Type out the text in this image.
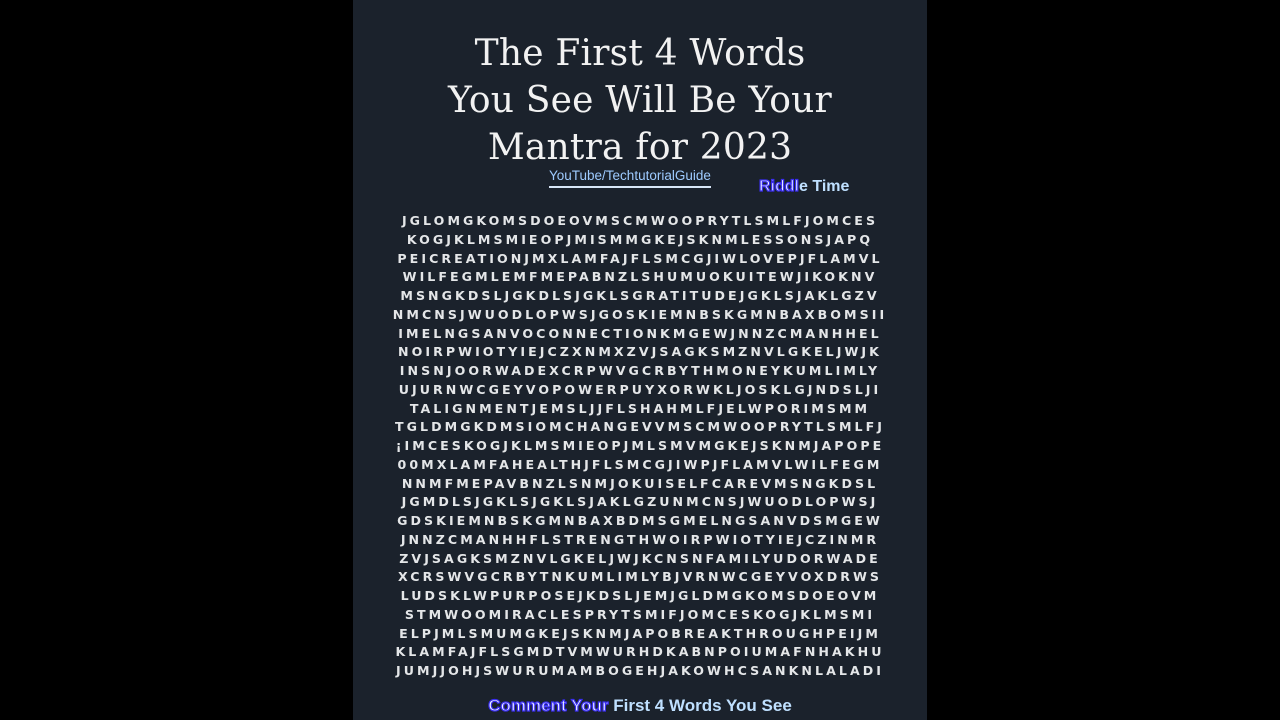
The First 4 Words
You See Will Be Your
Mantra for 2023
YouTube/TechtutorialGuide
Riddle Time
JGLOMGKOMSDOEOVMSCMWOOPRYTLSMLFJOMCES
KOGJKLMSMIEOPJMISMMGKEJSKNMLESSONSJAPQ
PEICREATIONJMXLAMFAJFLSMCGJIWLOVEPJFLAMVL
WILFEGMLEMFMEPABNZLSHUMUOKUITEWJIKOKNV
MSNGKDSLJGKDLSJGKLSGRATITUDEJGKLSJAKLGZV
NMCNSJWUODLOPWSJGOSKIEMNBSKGMNBAXBOMSII
IMELNGSANVOCONNECTIONKMGEWJNNZCMANHHEL
NOIRPWIOTYIEJCZXNMXZVJSAGKSMZNVLGKELJWJK
INSNJOORWADEXCRPWVGCRBYTHMONEYKUMLIMLY
UJURNWCGEYVOPOWERPUYXORWKLJOSKLGJNDSLJI
TALIGNMENTJEMSLJJFLSHAHMLFJELWPORIMSMM
TGLDMGKDMSIOMCHANGEVVMSCMWOOPRYTLSMLFJ
¡IMCESKOGJKLMSMIEOPJMLSMVMGKEJSKNMJAPOPE
00MXLAMFAHEALTHJFLSMCGJIWPJFLAMVLWILFEGM
NNMFMEPAVBNZLSNMJOKUISELFCAREVMSNGKDSL
JGMDLSJGKLSJGKLSJAKLGZUNMCNSJWUODLOPWSJ
GDSKIEMNBSKGMNBAXBDMSGMELNGSANVDSMGEW
JNNZCMANHHFLSTRENGTHWOIRPWIOTYIEJCZINMR
ZVJSAGKSMZNVLGKELJWJKCNSNFAMILYUDORWADE
XCRSWVGCRBYTNKUMLIMLYBJVRNWCGEYVOXDRWS
LUDSKLWPURPOSEJKDSLJEMJGLDMGKOMSDOEOVM
STMWOOMIRACLESPRYTSMIFJOMCESKOGJKLMSMI
ELPJMLSMUMGKEJSKNMJAPOBREAKTHROUGHPEIJM
KLAMFAJFLSGMDTVMWURHDKABNPOIUMAFNHAKHU
JUMJJOHJSWURUMAMBOGEHJAKOWHCSANKNLALADI
Comment Your First 4 Words You See
